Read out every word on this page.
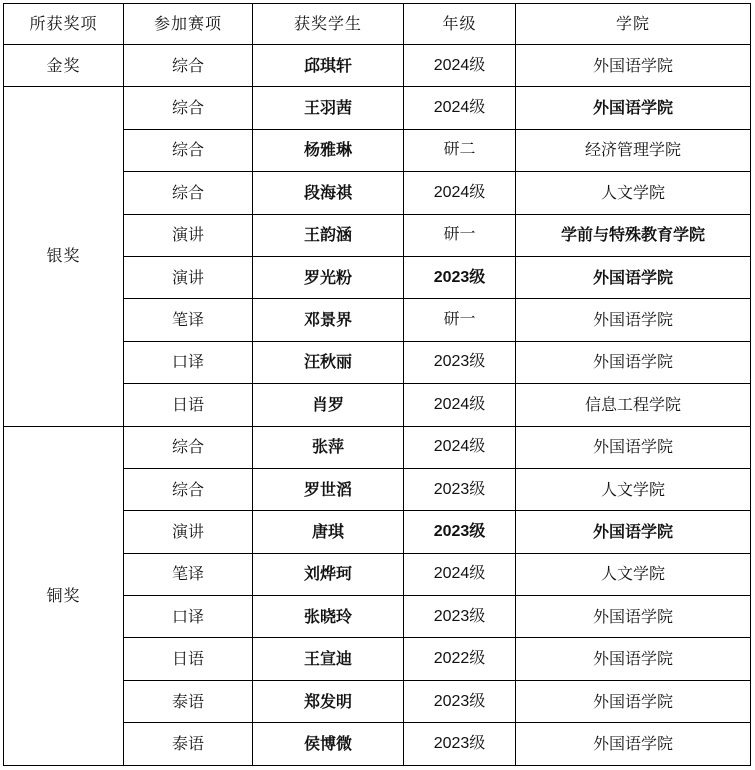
所获奖项	参加赛项	获奖学生	年级	学院
金奖	综合	邱琪轩	2024级	外国语学院
银奖	综合	王羽茜	2024级	外国语学院
	综合	杨雅琳	研二	经济管理学院
	综合	段海祺	2024级	人文学院
	演讲	王韵涵	研一	学前与特殊教育学院
	演讲	罗光粉	2023级	外国语学院
	笔译	邓景界	研一	外国语学院
	口译	汪秋丽	2023级	外国语学院
	日语	肖罗	2024级	信息工程学院
铜奖	综合	张萍	2024级	外国语学院
	综合	罗世滔	2023级	人文学院
	演讲	唐琪	2023级	外国语学院
	笔译	刘烨珂	2024级	人文学院
	口译	张晓玲	2023级	外国语学院
	日语	王宣迪	2022级	外国语学院
	泰语	郑发明	2023级	外国语学院
	泰语	侯博微	2023级	外国语学院
